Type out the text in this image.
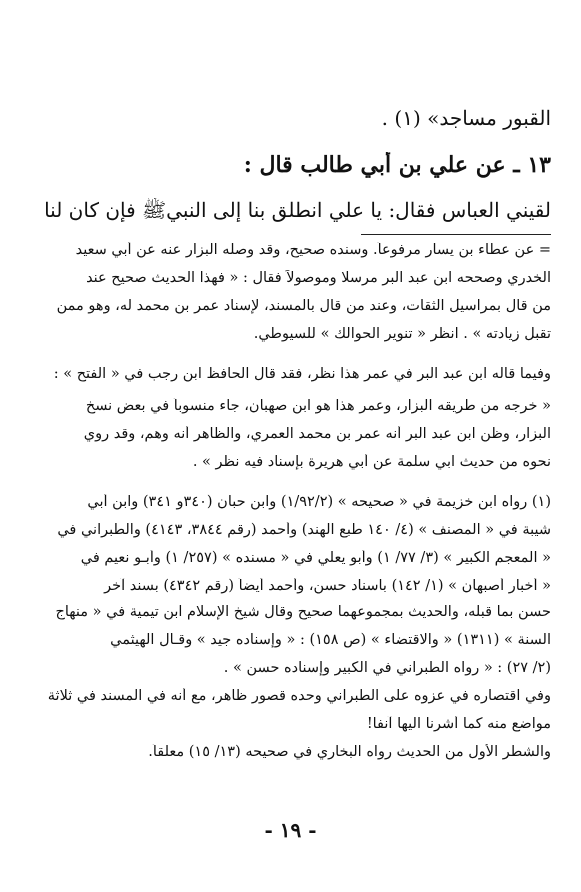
القبور مساجد» (١) .
١٣ ـ عن علي بن أبي طالب قال :
لقيني العباس فقال: يا علي انطلق بنا إلى النبيﷺ فإن كان لنا
= عن عطاء بن يسار مرفوعاً. وسنده صحيح، وقد وصله البزار عنه عن أبي سعيد
الخدري وصححه ابن عبد البر مرسلا وموصولاً فقال : « فهذا الحديث صحيح عند
من قال بمراسيل الثقات، وعند من قال بالمسند، لإسناد عمر بن محمد له، وهو ممن
تقبل زيادته » . انظر « تنوير الحوالك » للسيوطي.
وفيما قاله ابن عبد البر في عمر هذا نظر، فقد قال الحافظ ابن رجب في « الفتح » :
« خرجه من طريقه البزار، وعمر هذا هو ابن صهبان، جاء منسوباً في بعض نسخ
البزار، وظن ابن عبد البر أنه عمر بن محمد العمري، والظاهر أنه وهم، وقد روي
نحوه من حديث ابي سلمة عن أبي هريرة بإسناد فيه نظر » .
(١) رواه ابن خزيمة في « صحيحه » (١/٩٢/٢) وابن حبان (٣٤٠و ٣٤١) وابن أبي
شيبة في « المصنف » (٤/ ١٤٠ طبع الهند) وأحمد (رقم ٣٨٤٤، ٤١٤٣) والطبراني في
« المعجم الكبير » (٣/ ٧٧/ ١) وأبو يعلي في « مسنده » (٢٥٧/ ١) وأبـو نعيم في
« أخبار أصبهان » (١/ ١٤٢) باسناد حسن، وأحمد أيضاً (رقم ٤٣٤٢) بسند آخر
حسن بما قبله، والحديث بمجموعهما صحيح وقال شيخ الإسلام ابن تيمية في « منهاج
السنة » (١٣١١) « والاقتضاء » (ص ١٥٨) : « وإسناده جيد » وقـال الهيثمي
(٢/ ٢٧) : « رواه الطبراني في الكبير وإسناده حسن » .
وفي اقتصاره في عزوه على الطبراني وحده قصور ظاهر، مع أنه في المسند في ثلاثة
مواضع منه كما أشرنا اليها آنفا!
والشطر الأول من الحديث رواه البخاري في صحيحه (١٣/ ١٥) معلقاً.
- ١٩ -
